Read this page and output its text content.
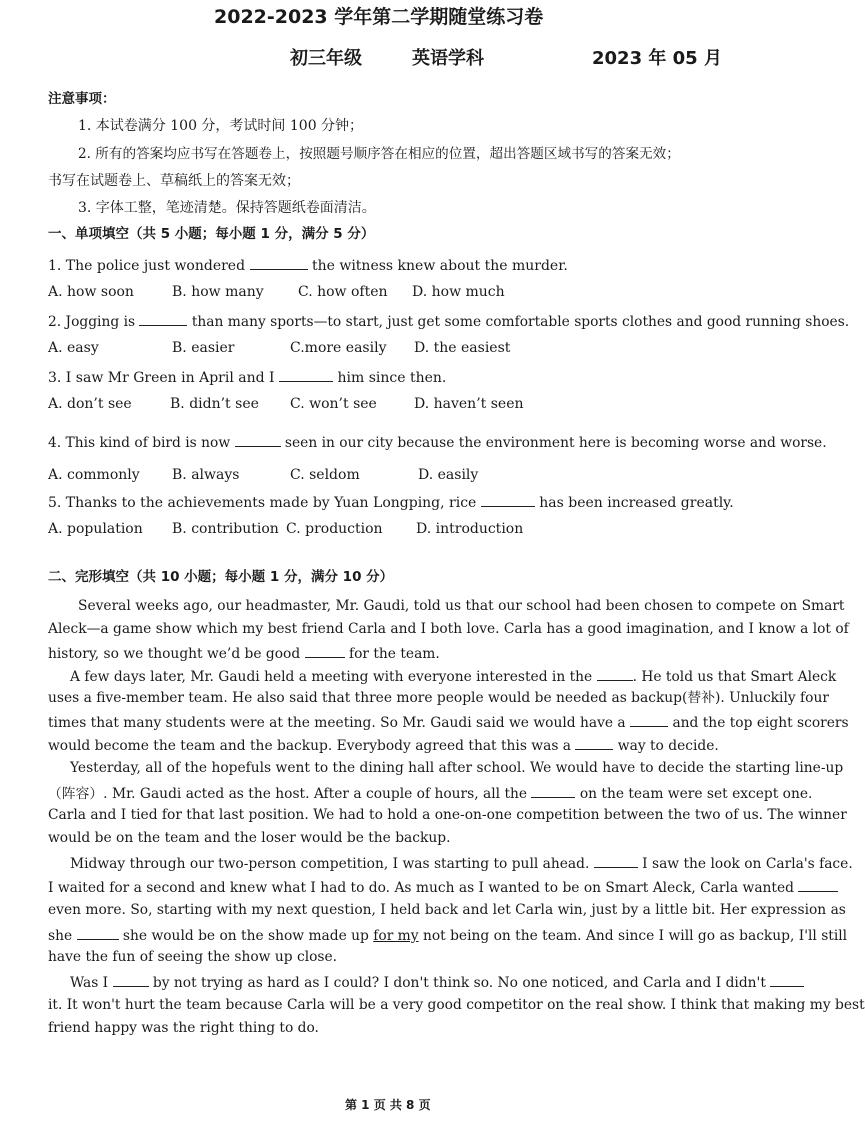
2022-2023 学年第二学期随堂练习卷
初三年级	英语学科	2023 年 05 月
注意事项：
1. 本试卷满分 100 分，考试时间 100 分钟；
2. 所有的答案均应书写在答题卷上，按照题号顺序答在相应的位置，超出答题区域书写的答案无效；
书写在试题卷上、草稿纸上的答案无效；
3. 字体工整，笔迹清楚。保持答题纸卷面清洁。
一、单项填空（共 5 小题；每小题 1 分，满分 5 分）
1. The police just wondered	the witness knew about the murder.
A. how soon	B. how many C. how often D. how much
2. Jogging is	than many sports—to start, just get some comfortable sports clothes and good running shoes.
A. easy	B. easier	C.more easily D. the easiest
3. I saw Mr Green in April and I	him since then.
A. don’t see	B. didn’t see C. won’t see	D. haven’t seen
4. This kind of bird is now	seen in our city because the environment here is becoming worse and worse.
A. commonly B. always	C. seldom	D. easily
5. Thanks to the achievements made by Yuan Longping, rice	has been increased greatly.
A. population B. contribution C. production D. introduction
二、完形填空（共 10 小题；每小题 1 分，满分 10 分）
Several weeks ago, our headmaster, Mr. Gaudi, told us that our school had been chosen to compete on Smart
Aleck—a game show which my best friend Carla and I both love. Carla has a good imagination, and I know a lot of
history, so we thought we’d be good	for the team.
A few days later, Mr. Gaudi held a meeting with everyone interested in the	. He told us that Smart Aleck
uses a five-member team. He also said that three more people would be needed as backup(替补). Unluckily four
times that many students were at the meeting. So Mr. Gaudi said we would have a	and the top eight scorers
would become the team and the backup. Everybody agreed that this was a	way to decide.
Yesterday, all of the hopefuls went to the dining hall after school. We would have to decide the starting line-up
（阵容）. Mr. Gaudi acted as the host. After a couple of hours, all the	on the team were set except one.
Carla and I tied for that last position. We had to hold a one-on-one competition between the two of us. The winner
would be on the team and the loser would be the backup.
Midway through our two-person competition, I was starting to pull ahead.	I saw the look on Carla's face.
I waited for a second and knew what I had to do. As much as I wanted to be on Smart Aleck, Carla wanted
even more. So, starting with my next question, I held back and let Carla win, just by a little bit. Her expression as
she	she would be on the show made up for my not being on the team. And since I will go as backup, I'll still
have the fun of seeing the show up close.
Was I	by not trying as hard as I could? I don't think so. No one noticed, and Carla and I didn't
it. It won't hurt the team because Carla will be a very good competitor on the real show. I think that making my best
friend happy was the right thing to do.
第 1 页 共 8 页
